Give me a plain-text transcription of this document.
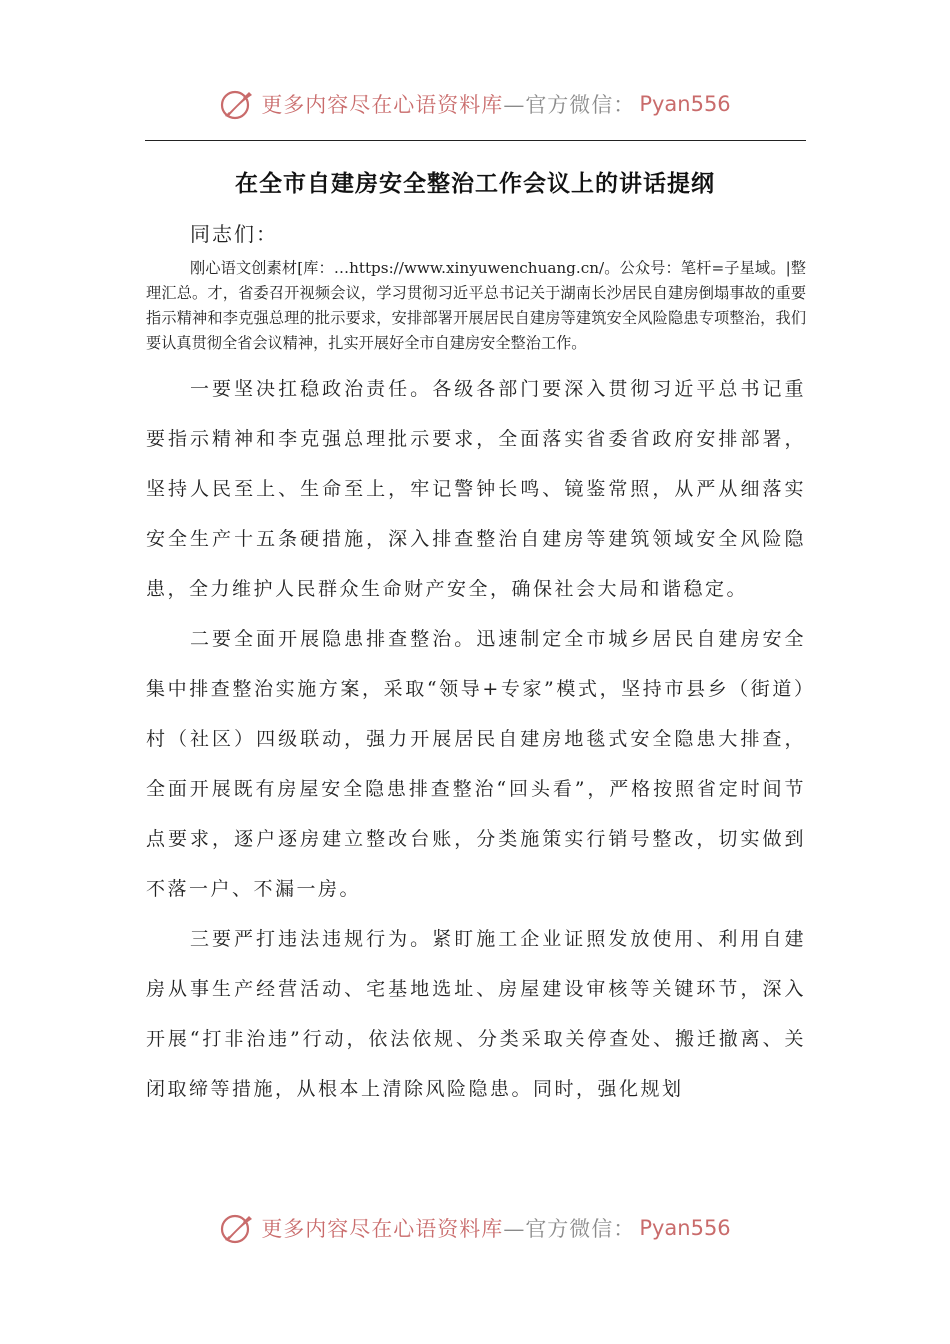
更多内容尽在心语资料库 —官方微信： Pyan556
在全市自建房安全整治工作会议上的讲话提纲
同志们：

刚心语文创素材[库：…https://www.xinyuwenchuang.cn/。公众号：笔杆=子星域。|整理汇总。才，省委召开视频会议，学习贯彻习近平总书记关于湖南长沙居民自建房倒塌事故的重要指示精神和李克强总理的批示要求，安排部署开展居民自建房等建筑安全风险隐患专项整治，我们要认真贯彻全省会议精神，扎实开展好全市自建房安全整治工作。

一要坚决扛稳政治责任。各级各部门要深入贯彻习近平总书记重要指示精神和李克强总理批示要求，全面落实省委省政府安排部署，坚持人民至上、生命至上，牢记警钟长鸣、镜鉴常照，从严从细落实安全生产十五条硬措施，深入排查整治自建房等建筑领域安全风险隐患，全力维护人民群众生命财产安全，确保社会大局和谐稳定。

二要全面开展隐患排查整治。迅速制定全市城乡居民自建房安全集中排查整治实施方案，采取“领导+专家”模式，坚持市县乡（街道）村（社区）四级联动，强力开展居民自建房地毯式安全隐患大排查，全面开展既有房屋安全隐患排查整治“回头看”，严格按照省定时间节点要求，逐户逐房建立整改台账，分类施策实行销号整改，切实做到不落一户、不漏一房。

三要严打违法违规行为。紧盯施工企业证照发放使用、利用自建房从事生产经营活动、宅基地选址、房屋建设审核等关键环节，深入开展“打非治违”行动，依法依规、分类采取关停查处、搬迁撤离、关闭取缔等措施，从根本上清除风险隐患。同时，强化规划

更多内容尽在心语资料库 —官方微信： Pyan556
